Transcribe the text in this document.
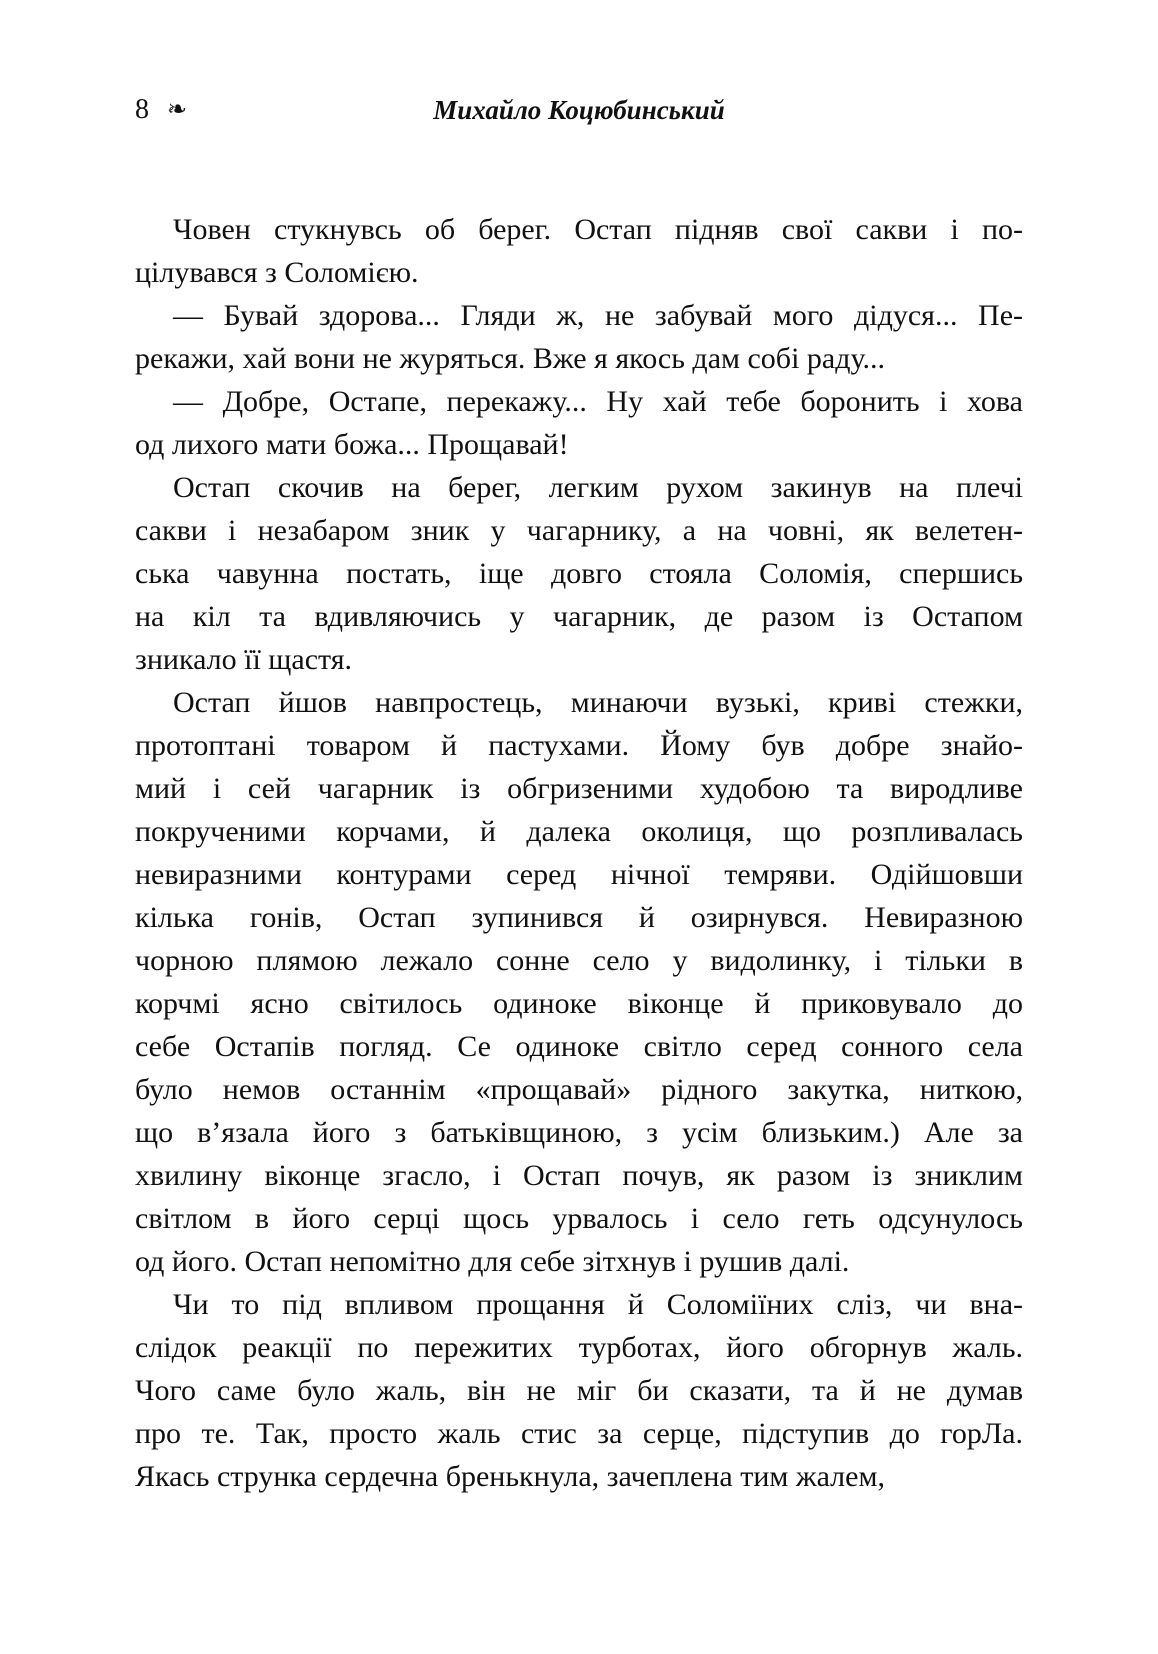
8 ❧	Михайло Коцюбинський
Човен стукнувсь об берег. Остап підняв свої сакви і по-
цілувався з Соломією.
— Бувай здорова... Гляди ж, не забувай мого дідуся... Пе-
рекажи, хай вони не журяться. Вже я якось дам собі раду...
— Добре, Остапе, перекажу... Ну хай тебе боронить і хова
од лихого мати божа... Прощавай!
Остап скочив на берег, легким рухом закинув на плечі
сакви і незабаром зник у чагарнику, а на човні, як велетен-
ська чавунна постать, іще довго стояла Соломія, спершись
на кіл та вдивляючись у чагарник, де разом із Остапом
зникало її щастя.
Остап йшов навпростець, минаючи вузькі, криві стежки,
протоптані товаром й пастухами. Йому був добре знайо-
мий і сей чагарник із обгризеними худобою та виродливе
покрученими корчами, й далека околиця, що розпливалась
невиразними контурами серед нічної темряви. Одійшовши
кілька гонів, Остап зупинився й озирнувся. Невиразною
чорною плямою лежало сонне село у видолинку, і тільки в
корчмі ясно світилось одиноке віконце й приковувало до
себе Остапів погляд. Се одиноке світло серед сонного села
було немов останнім «прощавай» рідного закутка, ниткою,
що в’язала його з батьківщиною, з усім близьким.) Але за
хвилину віконце згасло, і Остап почув, як разом із зниклим
світлом в його серці щось урвалось і село геть одсунулось
од його. Остап непомітно для себе зітхнув і рушив далі.
Чи то під впливом прощання й Соломіїних сліз, чи вна-
слідок реакції по пережитих турботах, його обгорнув жаль.
Чого саме було жаль, він не міг би сказати, та й не думав
про те. Так, просто жаль стис за серце, підступив до горЛа.
Якась струнка сердечна бренькнула, зачеплена тим жалем,
